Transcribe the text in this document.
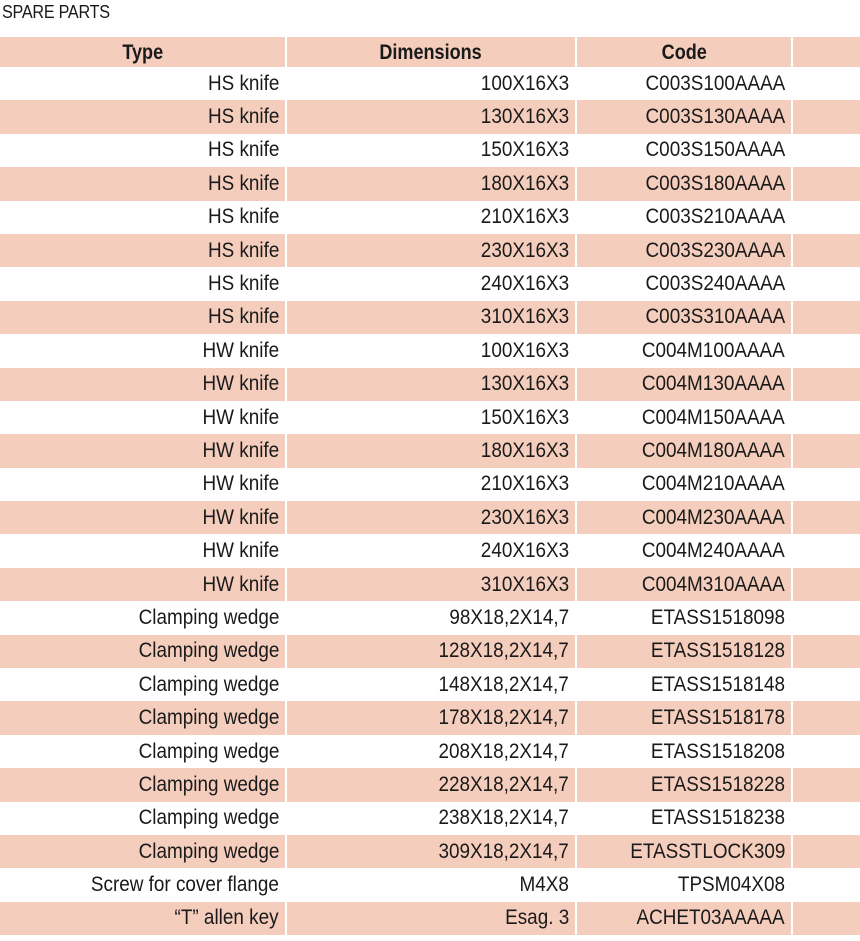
SPARE PARTS
Type	Dimensions	Code	
HS knife	100X16X3	C003S100AAAA	
HS knife	130X16X3	C003S130AAAA	
HS knife	150X16X3	C003S150AAAA	
HS knife	180X16X3	C003S180AAAA	
HS knife	210X16X3	C003S210AAAA	
HS knife	230X16X3	C003S230AAAA	
HS knife	240X16X3	C003S240AAAA	
HS knife	310X16X3	C003S310AAAA	
HW knife	100X16X3	C004M100AAAA	
HW knife	130X16X3	C004M130AAAA	
HW knife	150X16X3	C004M150AAAA	
HW knife	180X16X3	C004M180AAAA	
HW knife	210X16X3	C004M210AAAA	
HW knife	230X16X3	C004M230AAAA	
HW knife	240X16X3	C004M240AAAA	
HW knife	310X16X3	C004M310AAAA	
Clamping wedge	98X18,2X14,7	ETASS1518098	
Clamping wedge	128X18,2X14,7	ETASS1518128	
Clamping wedge	148X18,2X14,7	ETASS1518148	
Clamping wedge	178X18,2X14,7	ETASS1518178	
Clamping wedge	208X18,2X14,7	ETASS1518208	
Clamping wedge	228X18,2X14,7	ETASS1518228	
Clamping wedge	238X18,2X14,7	ETASS1518238	
Clamping wedge	309X18,2X14,7	ETASSTLOCK309	
Screw for cover flange	M4X8	TPSM04X08	
“T” allen key	Esag. 3	ACHET03AAAAA	
